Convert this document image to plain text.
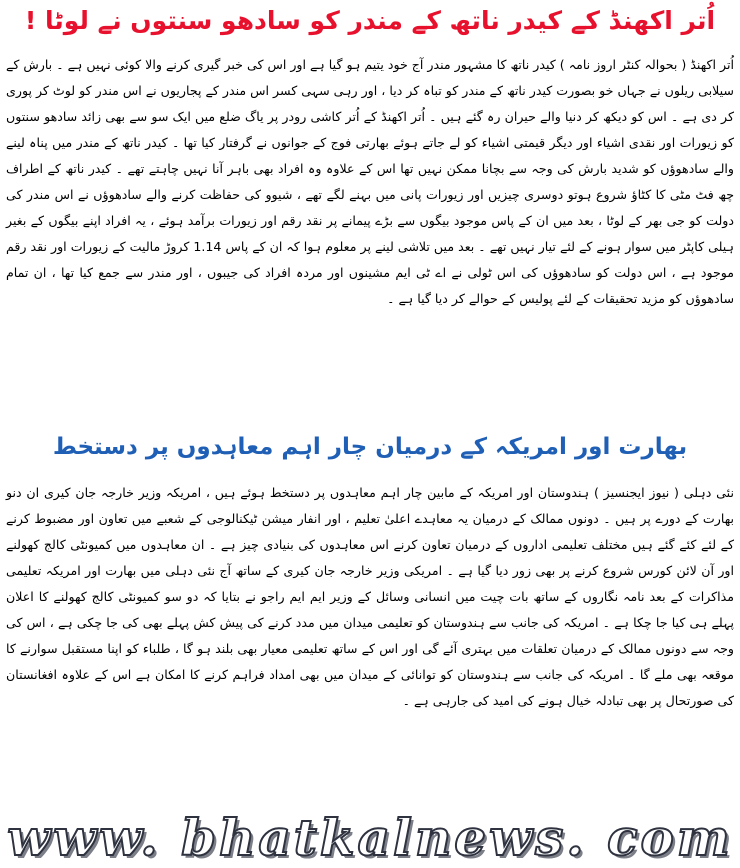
اُتر اکھنڈ کے کیدر ناتھ کے مندر کو سادھو سنتوں نے لوٹا !

اُتر اکھنڈ ( بحوالہ کنٹر اروز نامہ ) کیدر ناتھ کا مشہور مندر آج خود یتیم ہو گیا ہے اور اس کی خبر گیری کرنے والا کوئی نہیں ہے ۔ بارش کے سیلابی ریلوں نے جہاں خو بصورت کیدر ناتھ کے مندر کو تباہ کر دیا ، اور رہی سہی کسر اس مندر کے پجاریوں نے اس مندر کو لوٹ کر پوری کر دی ہے ۔ اس کو دیکھ کر دنیا والے حیران رہ گئے ہیں ۔ اُتر اکھنڈ کے اُتر کاشی رودر پر یاگ ضلع میں ایک سو سے بھی زائد سادھو سنتوں کو زیورات اور نقدی اشیاء اور دیگر قیمتی اشیاء کو لے جاتے ہوئے بھارتی فوج کے جوانوں نے گرفتار کیا تھا ۔ کیدر ناتھ کے مندر میں پناہ لینے والے سادھوؤں کو شدید بارش کی وجہ سے بچانا ممکن نہیں تھا اس کے علاوہ وہ افراد بھی باہر آنا نہیں چاہتے تھے ۔ کیدر ناتھ کے اطراف چھ فٹ مٹی کا کٹاؤ شروع ہوتو دوسری چیزیں اور زیورات پانی میں بہنے لگے تھے ، شیوو کی حفاظت کرنے والے سادھوؤں نے اس مندر کی دولت کو جی بھر کے لوٹا ، بعد میں ان کے پاس موجود بیگوں سے بڑے پیمانے پر نقد رقم اور زیورات برآمد ہوئے ، یہ افراد اپنے بیگوں کے بغیر ہیلی کاپٹر میں سوار ہونے کے لئے تیار نہیں تھے ۔ بعد میں تلاشی لینے پر معلوم ہوا کہ ان کے پاس 1.14 کروڑ مالیت کے زیورات اور نقد رقم موجود ہے ، اس دولت کو سادھوؤں کی اس ٹولی نے اے ٹی ایم مشینوں اور مردہ افراد کی جیبوں ، اور مندر سے جمع کیا تھا ، ان تمام سادھوؤں کو مزید تحقیقات کے لئے پولیس کے حوالے کر دیا گیا ہے ۔

بھارت اور امریکہ کے درمیان چار اہم معاہدوں پر دستخط

نئی دہلی ( نیوز ایجنسیز ) ہندوستان اور امریکہ کے مابین چار اہم معاہدوں پر دستخط ہوئے ہیں ، امریکہ وزیر خارجہ جان کیری ان دنو بھارت کے دورے پر ہیں ۔ دونوں ممالک کے درمیان یہ معاہدے اعلیٰ تعلیم ، اور انفار میشن ٹیکنالوجی کے شعبے میں تعاون اور مضبوط کرنے کے لئے کئے گئے ہیں مختلف تعلیمی اداروں کے درمیان تعاون کرنے اس معاہدوں کی بنیادی چیز ہے ۔ ان معاہدوں میں کمیونٹی کالج کھولنے اور آن لائن کورس شروع کرنے پر بھی زور دیا گیا ہے ۔ امریکی وزیر خارجہ جان کیری کے ساتھ آج نئی دہلی میں بھارت اور امریکہ تعلیمی مذاکرات کے بعد نامہ نگاروں کے ساتھ بات چیت میں انسانی وسائل کے وزیر ایم ایم راجو نے بتایا کہ دو سو کمیونٹی کالج کھولنے کا اعلان پہلے ہی کیا جا چکا ہے ۔ امریکہ کی جانب سے ہندوستان کو تعلیمی میدان میں مدد کرنے کی پیش کش پہلے بھی کی جا چکی ہے ، اس کی وجہ سے دونوں ممالک کے درمیان تعلقات میں بہتری آئے گی اور اس کے ساتھ تعلیمی معیار بھی بلند ہو گا ، طلباء کو اپنا مستقبل سوارنے کا موقعہ بھی ملے گا ۔ امریکہ کی جانب سے ہندوستان کو توانائی کے میدان میں بھی امداد فراہم کرنے کا امکان ہے اس کے علاوہ افغانستان کی صورتحال پر بھی تبادلہ خیال ہونے کی امید کی جارہی ہے ۔

www. bhatkalnews. com
